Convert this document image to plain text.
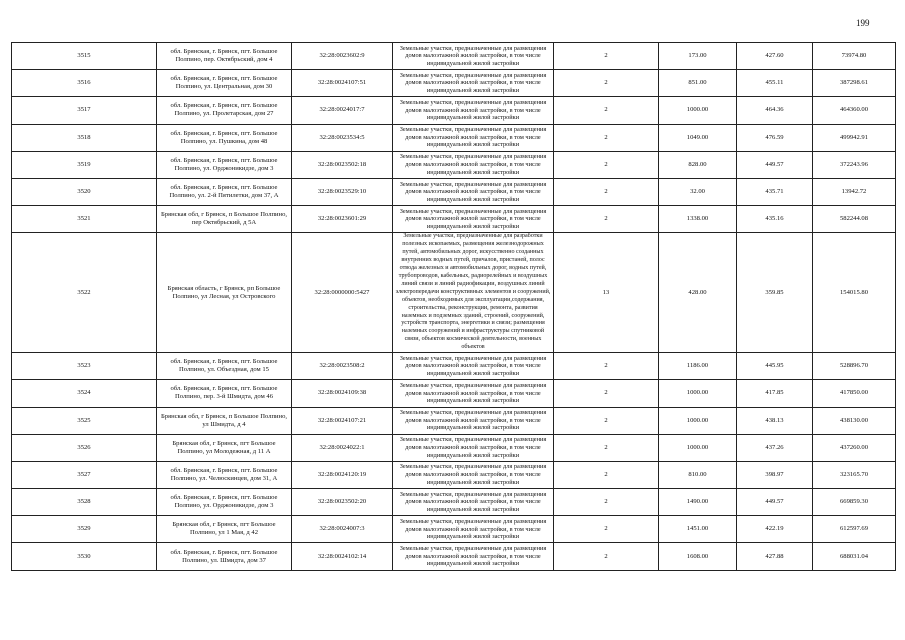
199
3515	обл. Брянская, г. Брянск, пгт. Большое Полпино, пер. Октябрьский, дом 4	32:28:0023602:9	Земельные участки, предназначенные для размещения домов малоэтажной жилой застройки, в том числе индивидуальной жилой застройки	2	173.00	427.60	73974.80
3516	обл. Брянская, г. Брянск, пгт. Большое Полпино, ул. Центральная, дом 30	32:28:0024107:51	Земельные участки, предназначенные для размещения домов малоэтажной жилой застройки, в том числе индивидуальной жилой застройки	2	851.00	455.11	387298.61
3517	обл. Брянская, г. Брянск, пгт. Большое Полпино, ул. Пролетарская, дом 27	32:28:0024017:7	Земельные участки, предназначенные для размещения домов малоэтажной жилой застройки, в том числе индивидуальной жилой застройки	2	1000.00	464.36	464360.00
3518	обл. Брянская, г. Брянск, пгт. Большое Полпино, ул. Пушкина, дом 48	32:28:0023534:5	Земельные участки, предназначенные для размещения домов малоэтажной жилой застройки, в том числе индивидуальной жилой застройки	2	1049.00	476.59	499942.91
3519	обл. Брянская, г. Брянск, пгт. Большое Полпино, ул. Орджоникидзе, дом 3	32:28:0023502:18	Земельные участки, предназначенные для размещения домов малоэтажной жилой застройки, в том числе индивидуальной жилой застройки	2	828.00	449.57	372243.96
3520	обл. Брянская, г. Брянск, пгт. Большое Полпино, ул. 2-й Пятилетки, дом 37, А	32:28:0023529:10	Земельные участки, предназначенные для размещения домов малоэтажной жилой застройки, в том числе индивидуальной жилой застройки	2	32.00	435.71	13942.72
3521	Брянская обл, г Брянск, п Большое Полпино, пер Октябрьский, д 5А	32:28:0023601:29	Земельные участки, предназначенные для размещения домов малоэтажной жилой застройки, в том числе индивидуальной жилой застройки	2	1338.00	435.16	582244.08
3522	Брянская область, г Брянск, рп Большое Полпино, ул Лесная, ул Островского	32:28:0000000:5427	Земельные участки, предназначенные для разработки полезных ископаемых, размещения железнодорожных путей, автомобильных дорог, искусственно созданных внутренних водных путей, причалов, пристаней, полос отвода железных и автомобильных дорог, водных путей, трубопроводов, кабельных, радиорелейных и воздушных линий связи и линий радиофикации, воздушных линий электропередачи конструктивных элементов и сооружений, объектов, необходимых для эксплуатации,содержания, строительства, реконструкции, ремонта, развития наземных и подземных зданий, строений, сооружений, устройств транспорта, энергетики и связи; размещения наземных сооружений и инфраструктуры спутниковой связи, объектов космической деятельности, военных объектов	13	428.00	359.85	154015.80
3523	обл. Брянская, г. Брянск, пгт. Большое Полпино, ул. Объездная, дом 15	32:28:0023508:2	Земельные участки, предназначенные для размещения домов малоэтажной жилой застройки, в том числе индивидуальной жилой застройки	2	1186.00	445.95	528896.70
3524	обл. Брянская, г. Брянск, пгт. Большое Полпино, пер. 3-й Шмидта, дом 46	32:28:0024109:38	Земельные участки, предназначенные для размещения домов малоэтажной жилой застройки, в том числе индивидуальной жилой застройки	2	1000.00	417.85	417850.00
3525	Брянская обл, г Брянск, п Большое Полпино, ул Шмидта, д 4	32:28:0024107:21	Земельные участки, предназначенные для размещения домов малоэтажной жилой застройки, в том числе индивидуальной жилой застройки	2	1000.00	438.13	438130.00
3526	Брянская обл, г Брянск, пгт Большое Полпино, ул Молодежная, д 11 А	32:28:0024022:1	Земельные участки, предназначенные для размещения домов малоэтажной жилой застройки, в том числе индивидуальной жилой застройки	2	1000.00	437.26	437260.00
3527	обл. Брянская, г. Брянск, пгт. Большое Полпино, ул. Челюскинцев, дом 31, А	32:28:0024120:19	Земельные участки, предназначенные для размещения домов малоэтажной жилой застройки, в том числе индивидуальной жилой застройки	2	810.00	398.97	323165.70
3528	обл. Брянская, г. Брянск, пгт. Большое Полпино, ул. Орджоникидзе, дом 3	32:28:0023502:20	Земельные участки, предназначенные для размещения домов малоэтажной жилой застройки, в том числе индивидуальной жилой застройки	2	1490.00	449.57	669859.30
3529	Брянская обл, г Брянск, пгт Большое Полпино, ул 1 Мая, д 42	32:28:0024007:3	Земельные участки, предназначенные для размещения домов малоэтажной жилой застройки, в том числе индивидуальной жилой застройки	2	1451.00	422.19	612597.69
3530	обл. Брянская, г. Брянск, пгт. Большое Полпино, ул. Шмидта, дом 37	32:28:0024102:14	Земельные участки, предназначенные для размещения домов малоэтажной жилой застройки, в том числе индивидуальной жилой застройки	2	1608.00	427.88	688031.04
